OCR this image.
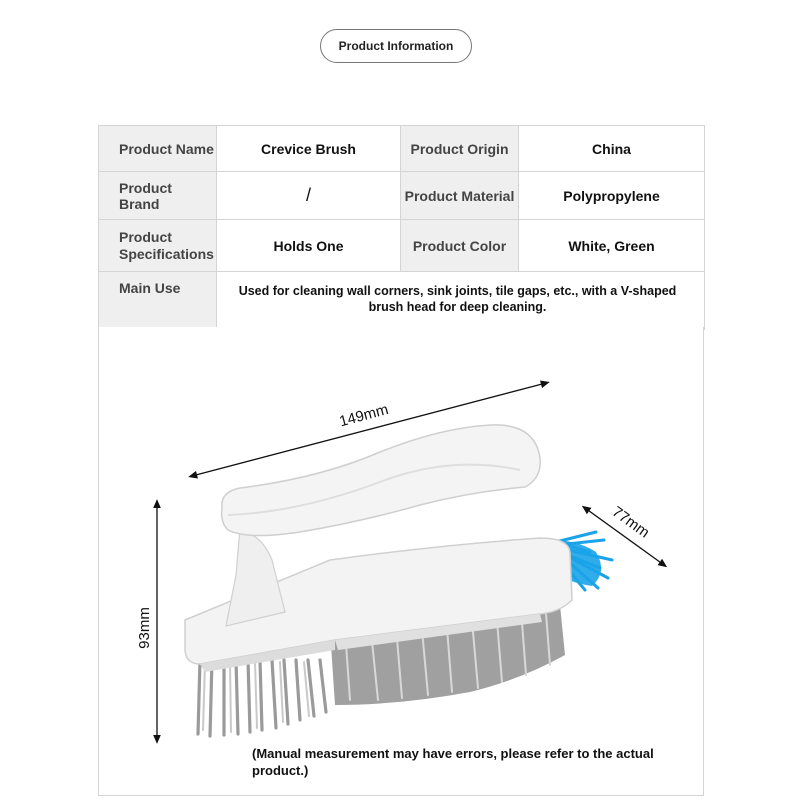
Product Information
Product Name	Crevice Brush	Product Origin	China
Product Brand	/	Product Material	Polypropylene

Product
Specifications	Holds One	Product Color	White, Green
Main Use	Used for cleaning wall corners, sink joints, tile gaps, etc., with a V-shaped brush head for deep cleaning.		
149mm
93mm
77mm
(Manual measurement may have errors, please refer to the actual product.)
